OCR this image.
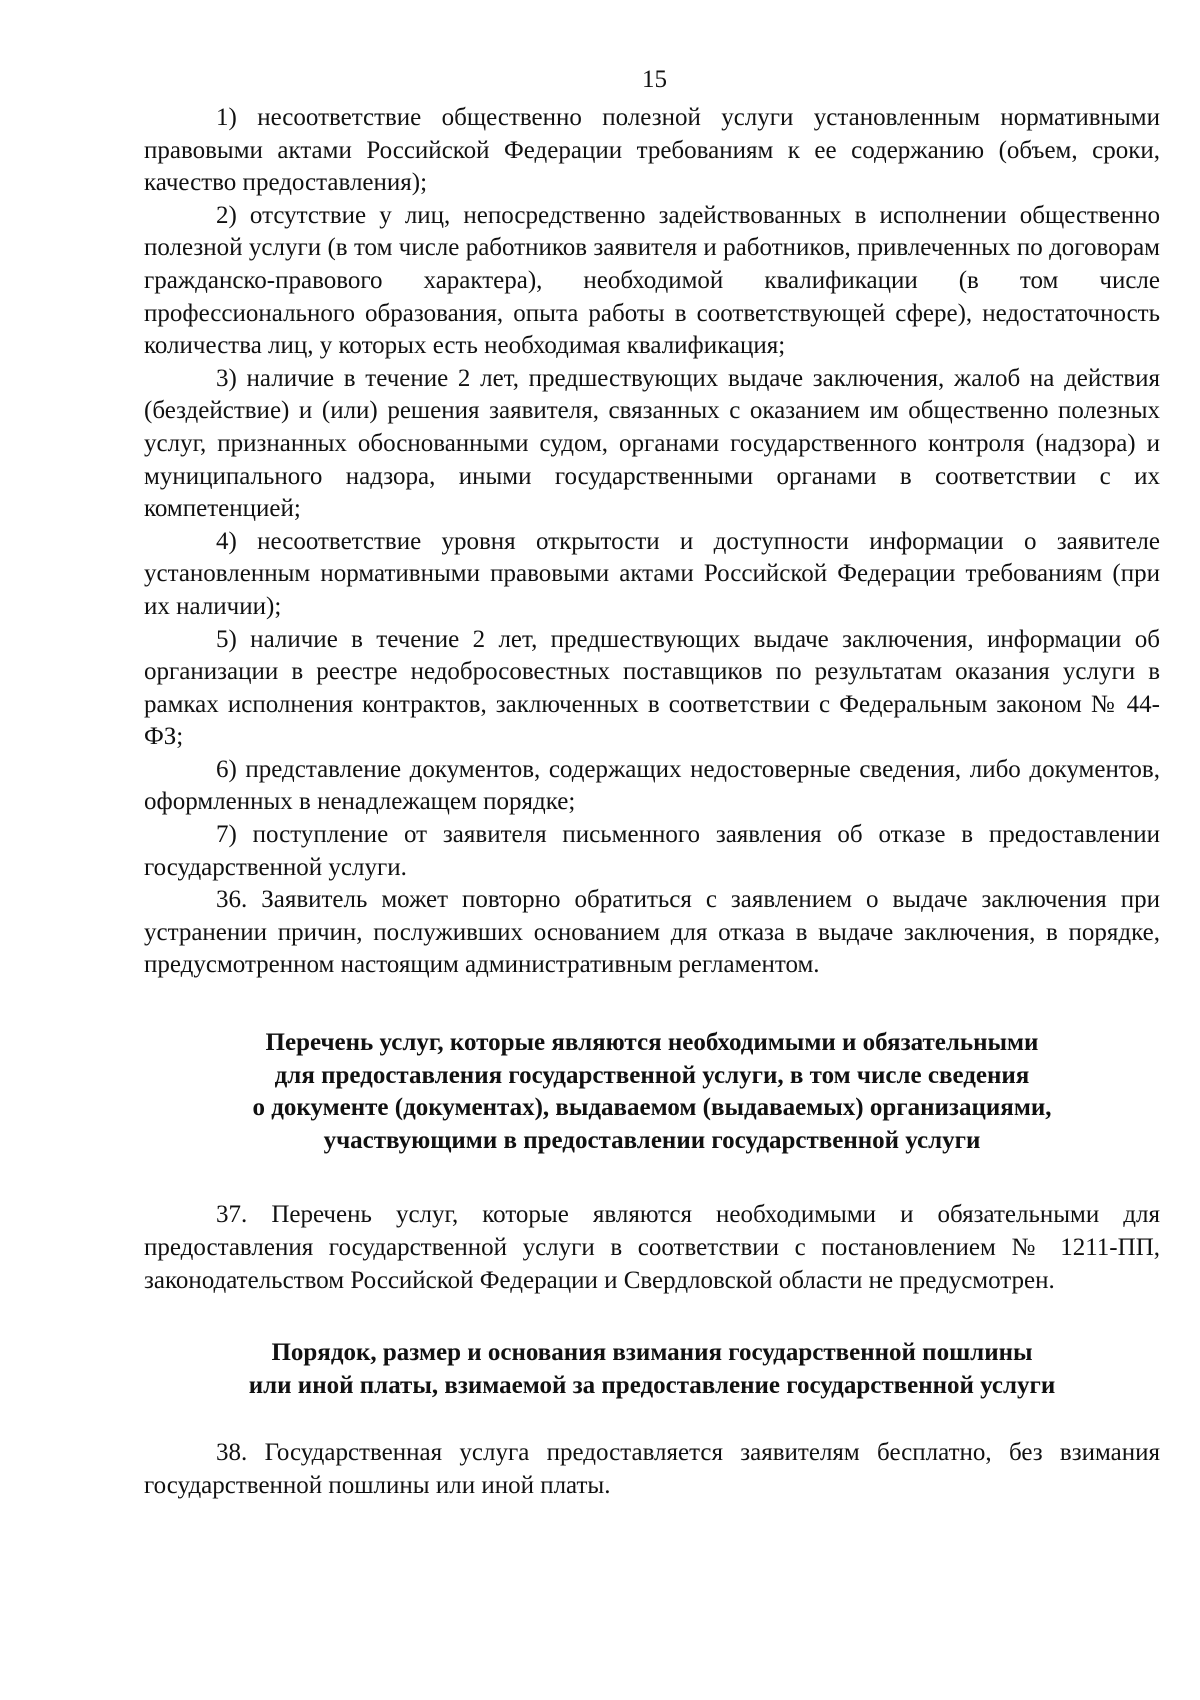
15

1) несоответствие общественно полезной услуги установленным нормативными правовыми актами Российской Федерации требованиям к ее содержанию (объем, сроки, качество предоставления);

2) отсутствие у лиц, непосредственно задействованных в исполнении общественно полезной услуги (в том числе работников заявителя и работников, привлеченных по договорам гражданско-правового характера), необходимой квалификации (в том числе профессионального образования, опыта работы в соответствующей сфере), недостаточность количества лиц, у которых есть необходимая квалификация;

3) наличие в течение 2 лет, предшествующих выдаче заключения, жалоб на действия (бездействие) и (или) решения заявителя, связанных с оказанием им общественно полезных услуг, признанных обоснованными судом, органами государственного контроля (надзора) и муниципального надзора, иными государственными органами в соответствии с их компетенцией;

4) несоответствие уровня открытости и доступности информации о заявителе установленным нормативными правовыми актами Российской Федерации требованиям (при их наличии);

5) наличие в течение 2 лет, предшествующих выдаче заключения, информации об организации в реестре недобросовестных поставщиков по результатам оказания услуги в рамках исполнения контрактов, заключенных в соответствии с Федеральным законом № 44-ФЗ;

6) представление документов, содержащих недостоверные сведения, либо документов, оформленных в ненадлежащем порядке;

7) поступление от заявителя письменного заявления об отказе в предоставлении государственной услуги.

36. Заявитель может повторно обратиться с заявлением о выдаче заключения при устранении причин, послуживших основанием для отказа в выдаче заключения, в порядке, предусмотренном настоящим административным регламентом.

Перечень услуг, которые являются необходимыми и обязательными
для предоставления государственной услуги, в том числе сведения
о документе (документах), выдаваемом (выдаваемых) организациями,
участвующими в предоставлении государственной услуги

37. Перечень услуг, которые являются необходимыми и обязательными для предоставления государственной услуги в соответствии с постановлением № 1211-ПП, законодательством Российской Федерации и Свердловской области не предусмотрен.

Порядок, размер и основания взимания государственной пошлины
или иной платы, взимаемой за предоставление государственной услуги

38. Государственная услуга предоставляется заявителям бесплатно, без взимания государственной пошлины или иной платы.
